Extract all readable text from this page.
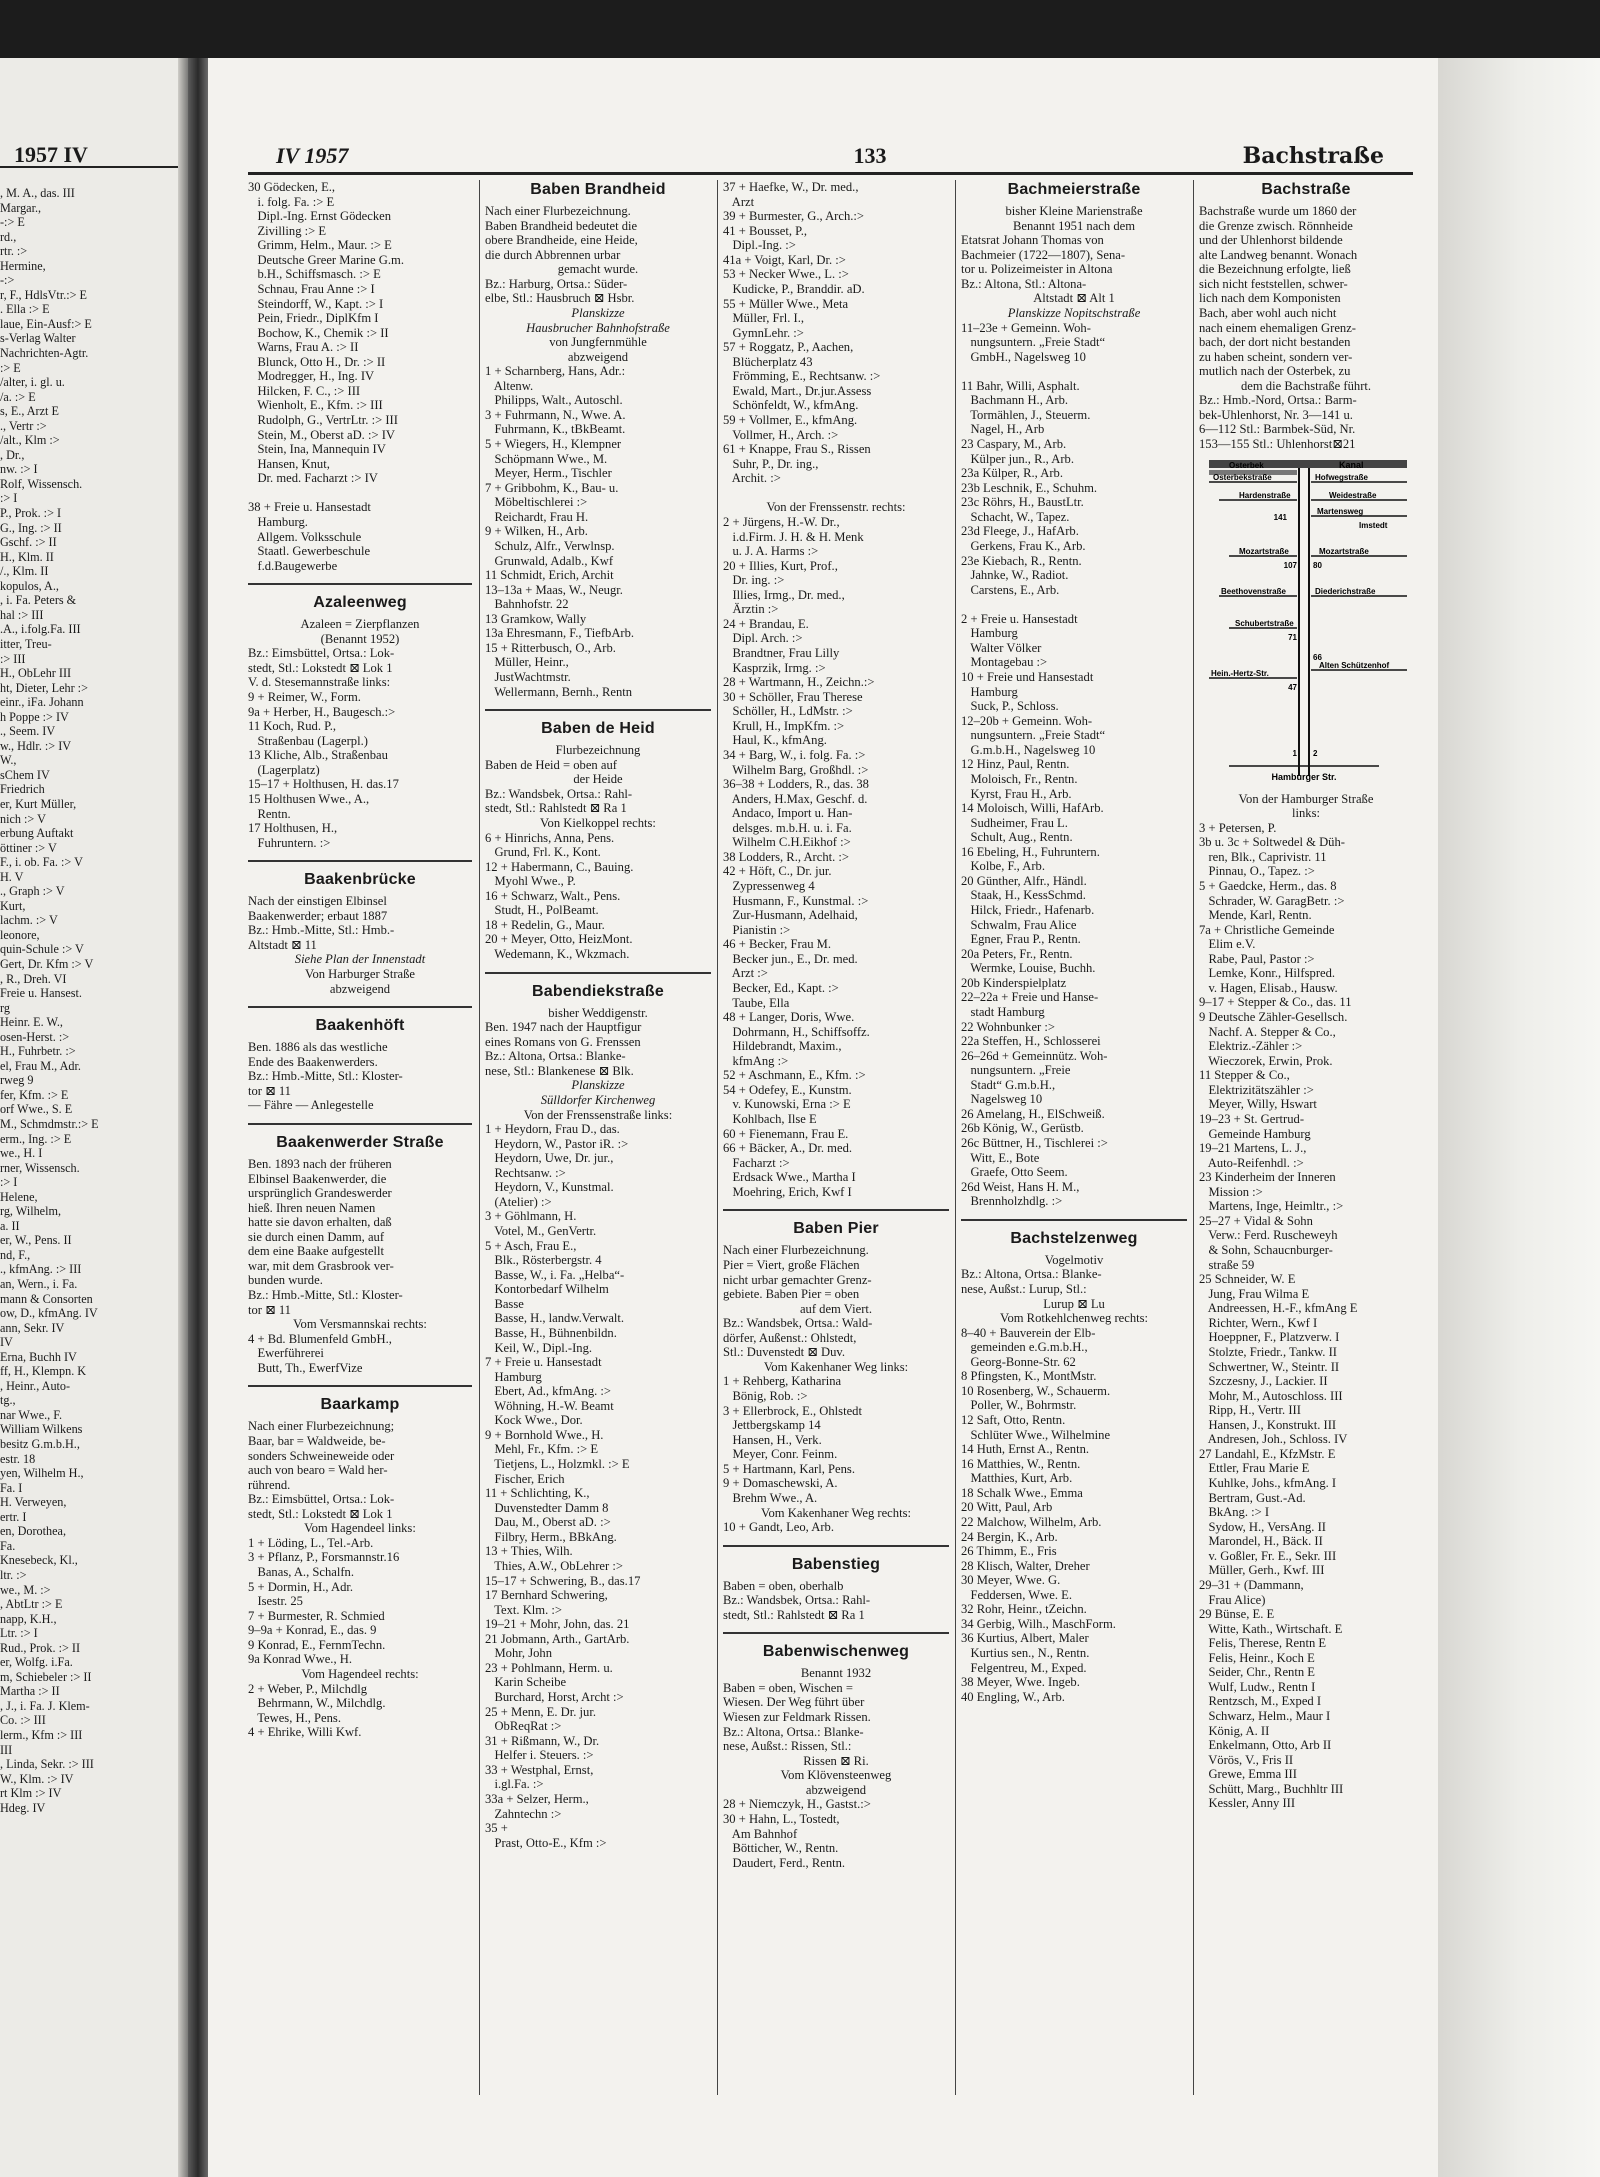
1957 IV
, M. A., das. III
Margar.,
-:> E
rd.,
rtr. :>
Hermine,
-:>
r, F., HdlsVtr.:> E
. Ella :> E
laue, Ein-Ausf:> E
s-Verlag Walter
Nachrichten-Agtr.
:> E
/alter, i. gl. u.
/a. :> E
s, E., Arzt E
., Vertr :>
/alt., Klm :>
, Dr.,
nw. :> I
Rolf, Wissensch.
:> I
P., Prok. :> I
G., Ing. :> II
Gschf. :> II
H., Klm. II
/., Klm. II
kopulos, A.,
, i. Fa. Peters &
hal :> III
.A., i.folg.Fa. III
itter, Treu-
:> III
H., ObLehr III
ht, Dieter, Lehr :>
einr., iFa. Johann
h Poppe :> IV
., Seem. IV
w., Hdlr. :> IV
W.,
sChem IV
Friedrich
er, Kurt Müller,
nich :> V
erbung Auftakt
öttiner :> V
F., i. ob. Fa. :> V
H. V
., Graph :> V
Kurt,
lachm. :> V
leonore,
quin-Schule :> V
Gert, Dr. Kfm :> V
, R., Dreh. VI
Freie u. Hansest.
rg
Heinr. E. W.,
osen-Herst. :>
H., Fuhrbetr. :>
el, Frau M., Adr.
rweg 9
fer, Kfm. :> E
orf Wwe., S. E
M., Schmdmstr.:> E
erm., Ing. :> E
we., H. I
rner, Wissensch.
:> I
Helene,
rg, Wilhelm,
a. II
er, W., Pens. II
nd, F.,
., kfmAng. :> III
an, Wern., i. Fa.
mann & Consorten
ow, D., kfmAng. IV
ann, Sekr. IV
IV
Erna, Buchh IV
ff, H., Klempn. K
, Heinr., Auto-
tg.,
nar Wwe., F.
William Wilkens
besitz G.m.b.H.,
estr. 18
yen, Wilhelm H.,
Fa. I
H. Verweyen,
ertr. I
en, Dorothea,
Fa.
Knesebeck, Kl.,
ltr. :>
we., M. :>
, AbtLtr :> E
napp, K.H.,
Ltr. :> I
Rud., Prok. :> II
er, Wolfg. i.Fa.
m, Schiebeler :> II
Martha :> II
, J., i. Fa. J. Klem-
Co. :> III
lerm., Kfm :> III
III
, Linda, Sekr. :> III
W., Klm. :> IV
rt Klm :> IV
Hdeg. IV
IV 1957	133	Bachstraße
30 Gödecken, E.,
i. folg. Fa. :> E
Dipl.-Ing. Ernst Gödecken
Zivilling :> E
Grimm, Helm., Maur. :> E
Deutsche Greer Marine G.m.
b.H., Schiffsmasch. :> E
Schnau, Frau Anne :> I
Steindorff, W., Kapt. :> I
Pein, Friedr., DiplKfm I
Bochow, K., Chemik :> II
Warns, Frau A. :> II
Blunck, Otto H., Dr. :> II
Modregger, H., Ing. IV
Hilcken, F. C., :> III
Wienholt, E., Kfm. :> III
Rudolph, G., VertrLtr. :> III
Stein, M., Oberst aD. :> IV
Stein, Ina, Mannequin IV
Hansen, Knut,
Dr. med. Facharzt :> IV

38 + Freie u. Hansestadt
Hamburg.
Allgem. Volksschule
Staatl. Gewerbeschule
f.d.Baugewerbe
Azaleenweg
Azaleen = Zierpflanzen
(Benannt 1952)
Bz.: Eimsbüttel, Ortsa.: Lok-
stedt, Stl.: Lokstedt ⊠ Lok 1
V. d. Stesemannstraße links:
9 + Reimer, W., Form.
9a + Herber, H., Baugesch.:>
11 Koch, Rud. P.,
Straßenbau (Lagerpl.)
13 Kliche, Alb., Straßenbau
(Lagerplatz)
15–17 + Holthusen, H. das.17
15 Holthusen Wwe., A.,
Rentn.
17 Holthusen, H.,
Fuhruntern. :>
Baakenbrücke
Nach der einstigen Elbinsel
Baakenwerder; erbaut 1887
Bz.: Hmb.-Mitte, Stl.: Hmb.-
Altstadt ⊠ 11
Siehe Plan der Innenstadt
Von Harburger Straße
abzweigend
Baakenhöft
Ben. 1886 als das westliche
Ende des Baakenwerders.
Bz.: Hmb.-Mitte, Stl.: Kloster-
tor ⊠ 11
— Fähre — Anlegestelle
Baakenwerder Straße
Ben. 1893 nach der früheren
Elbinsel Baakenwerder, die
ursprünglich Grandeswerder
hieß. Ihren neuen Namen
hatte sie davon erhalten, daß
sie durch einen Damm, auf
dem eine Baake aufgestellt
war, mit dem Grasbrook ver-
bunden wurde.
Bz.: Hmb.-Mitte, Stl.: Kloster-
tor ⊠ 11
Vom Versmannskai rechts:
4 + Bd. Blumenfeld GmbH.,
Ewerführerei
Butt, Th., EwerfVize
Baarkamp
Nach einer Flurbezeichnung;
Baar, bar = Waldweide, be-
sonders Schweineweide oder
auch von bearo = Wald her-
rührend.
Bz.: Eimsbüttel, Ortsa.: Lok-
stedt, Stl.: Lokstedt ⊠ Lok 1
Vom Hagendeel links:
1 + Löding, L., Tel.-Arb.
3 + Pflanz, P., Forsmannstr.16
Banas, A., Schalfn.
5 + Dormin, H., Adr.
Isestr. 25
7 + Burmester, R. Schmied
9–9a + Konrad, E., das. 9
9 Konrad, E., FernmTechn.
9a Konrad Wwe., H.
Vom Hagendeel rechts:
2 + Weber, P., Milchdlg
Behrmann, W., Milchdlg.
Tewes, H., Pens.
4 + Ehrike, Willi Kwf.
Baben Brandheid
Nach einer Flurbezeichnung.
Baben Brandheid bedeutet die
obere Brandheide, eine Heide,
die durch Abbrennen urbar
gemacht wurde.
Bz.: Harburg, Ortsa.: Süder-
elbe, Stl.: Hausbruch ⊠ Hsbr.
Planskizze
Hausbrucher Bahnhofstraße
von Jungfernmühle
abzweigend
1 + Scharnberg, Hans, Adr.:
Altenw.
Philipps, Walt., Autoschl.
3 + Fuhrmann, N., Wwe. A.
Fuhrmann, K., tBkBeamt.
5 + Wiegers, H., Klempner
Schöpmann Wwe., M.
Meyer, Herm., Tischler
7 + Gribbohm, K., Bau- u.
Möbeltischlerei :>
Reichardt, Frau H.
9 + Wilken, H., Arb.
Schulz, Alfr., Verwlnsp.
Grunwald, Adalb., Kwf
11 Schmidt, Erich, Archit
13–13a + Maas, W., Neugr.
Bahnhofstr. 22
13 Gramkow, Wally
13a Ehresmann, F., TiefbArb.
15 + Ritterbusch, O., Arb.
Müller, Heinr.,
JustWachtmstr.
Wellermann, Bernh., Rentn
Baben de Heid
Flurbezeichnung
Baben de Heid = oben auf
der Heide
Bz.: Wandsbek, Ortsa.: Rahl-
stedt, Stl.: Rahlstedt ⊠ Ra 1
Von Kielkoppel rechts:
6 + Hinrichs, Anna, Pens.
Grund, Frl. K., Kont.
12 + Habermann, C., Bauing.
Myohl Wwe., P.
16 + Schwarz, Walt., Pens.
Studt, H., PolBeamt.
18 + Redelin, G., Maur.
20 + Meyer, Otto, HeizMont.
Wedemann, K., Wkzmach.
Babendiekstraße
bisher Weddigenstr.
Ben. 1947 nach der Hauptfigur
eines Romans von G. Frenssen
Bz.: Altona, Ortsa.: Blanke-
nese, Stl.: Blankenese ⊠ Blk.
Planskizze
Sülldorfer Kirchenweg
Von der Frenssenstraße links:
1 + Heydorn, Frau D., das.
Heydorn, W., Pastor iR. :>
Heydorn, Uwe, Dr. jur.,
Rechtsanw. :>
Heydorn, V., Kunstmal.
(Atelier) :>
3 + Göhlmann, H.
Votel, M., GenVertr.
5 + Asch, Frau E.,
Blk., Rösterbergstr. 4
Basse, W., i. Fa. „Helba“-
Kontorbedarf Wilhelm
Basse
Basse, H., landw.Verwalt.
Basse, H., Bühnenbildn.
Keil, W., Dipl.-Ing.
7 + Freie u. Hansestadt
Hamburg
Ebert, Ad., kfmAng. :>
Wöhning, H.-W. Beamt
Kock Wwe., Dor.
9 + Bornhold Wwe., H.
Mehl, Fr., Kfm. :> E
Tietjens, L., Holzmkl. :> E
Fischer, Erich
11 + Schlichting, K.,
Duvenstedter Damm 8
Dau, M., Oberst aD. :>
Filbry, Herm., BBkAng.
13 + Thies, Wilh.
Thies, A.W., ObLehrer :>
15–17 + Schwering, B., das.17
17 Bernhard Schwering,
Text. Klm. :>
19–21 + Mohr, John, das. 21
21 Jobmann, Arth., GartArb.
Mohr, John
23 + Pohlmann, Herm. u.
Karin Scheibe
Burchard, Horst, Archt :>
25 + Menn, E. Dr. jur.
ObReqRat :>
31 + Rißmann, W., Dr.
Helfer i. Steuers. :>
33 + Westphal, Ernst,
i.gl.Fa. :>
33a + Selzer, Herm.,
Zahntechn :>
35 +
Prast, Otto-E., Kfm :>
37 + Haefke, W., Dr. med.,
Arzt
39 + Burmester, G., Arch.:>
41 + Bousset, P.,
Dipl.-Ing. :>
41a + Voigt, Karl, Dr. :>
53 + Necker Wwe., L. :>
Kudicke, P., Branddir. aD.
55 + Müller Wwe., Meta
Müller, Frl. I.,
GymnLehr. :>
57 + Roggatz, P., Aachen,
Blücherplatz 43
Frömming, E., Rechtsanw. :>
Ewald, Mart., Dr.jur.Assess
Schönfeldt, W., kfmAng.
59 + Vollmer, E., kfmAng.
Vollmer, H., Arch. :>
61 + Knappe, Frau S., Rissen
Suhr, P., Dr. ing.,
Archit. :>

Von der Frenssenstr. rechts:
2 + Jürgens, H.-W. Dr.,
i.d.Firm. J. H. & H. Menk
u. J. A. Harms :>
20 + Illies, Kurt, Prof.,
Dr. ing. :>
Illies, Irmg., Dr. med.,
Ärztin :>
24 + Brandau, E.
Dipl. Arch. :>
Brandtner, Frau Lilly
Kasprzik, Irmg. :>
28 + Wartmann, H., Zeichn.:>
30 + Schöller, Frau Therese
Schöller, H., LdMstr. :>
Krull, H., ImpKfm. :>
Haul, K., kfmAng.
34 + Barg, W., i. folg. Fa. :>
Wilhelm Barg, Großhdl. :>
36–38 + Lodders, R., das. 38
Anders, H.Max, Geschf. d.
Andaco, Import u. Han-
delsges. m.b.H. u. i. Fa.
Wilhelm C.H.Eikhof :>
38 Lodders, R., Archt. :>
42 + Höft, C., Dr. jur.
Zypressenweg 4
Husmann, F., Kunstmal. :>
Zur-Husmann, Adelhaid,
Pianistin :>
46 + Becker, Frau M.
Becker jun., E., Dr. med.
Arzt :>
Becker, Ed., Kapt. :>
Taube, Ella
48 + Langer, Doris, Wwe.
Dohrmann, H., Schiffsoffz.
Hildebrandt, Maxim.,
kfmAng :>
52 + Aschmann, E., Kfm. :>
54 + Odefey, E., Kunstm.
v. Kunowski, Erna :> E
Kohlbach, Ilse E
60 + Fienemann, Frau E.
66 + Bäcker, A., Dr. med.
Facharzt :>
Erdsack Wwe., Martha I
Moehring, Erich, Kwf I
Baben Pier
Nach einer Flurbezeichnung.
Pier = Viert, große Flächen
nicht urbar gemachter Grenz-
gebiete. Baben Pier = oben
auf dem Viert.
Bz.: Wandsbek, Ortsa.: Wald-
dörfer, Außenst.: Ohlstedt,
Stl.: Duvenstedt ⊠ Duv.
Vom Kakenhaner Weg links:
1 + Rehberg, Katharina
Bönig, Rob. :>
3 + Ellerbrock, E., Ohlstedt
Jettbergskamp 14
Hansen, H., Verk.
Meyer, Conr. Feinm.
5 + Hartmann, Karl, Pens.
9 + Domaschewski, A.
Brehm Wwe., A.
Vom Kakenhaner Weg rechts:
10 + Gandt, Leo, Arb.
Babenstieg
Baben = oben, oberhalb
Bz.: Wandsbek, Ortsa.: Rahl-
stedt, Stl.: Rahlstedt ⊠ Ra 1
Babenwischenweg
Benannt 1932
Baben = oben, Wischen =
Wiesen. Der Weg führt über
Wiesen zur Feldmark Rissen.
Bz.: Altona, Ortsa.: Blanke-
nese, Außst.: Rissen, Stl.:
Rissen ⊠ Ri.
Vom Klövensteenweg
abzweigend
28 + Niemczyk, H., Gastst.:>
30 + Hahn, L., Tostedt,
Am Bahnhof
Bötticher, W., Rentn.
Daudert, Ferd., Rentn.
Bachmeierstraße
bisher Kleine Marienstraße
Benannt 1951 nach dem
Etatsrat Johann Thomas von
Bachmeier (1722—1807), Sena-
tor u. Polizeimeister in Altona
Bz.: Altona, Stl.: Altona-
Altstadt ⊠ Alt 1
Planskizze Nopitschstraße
11–23e + Gemeinn. Woh-
nungsuntern. „Freie Stadt“
GmbH., Nagelsweg 10

11 Bahr, Willi, Asphalt.
Bachmann H., Arb.
Tormählen, J., Steuerm.
Nagel, H., Arb
23 Caspary, M., Arb.
Külper jun., R., Arb.
23a Külper, R., Arb.
23b Leschnik, E., Schuhm.
23c Röhrs, H., BaustLtr.
Schacht, W., Tapez.
23d Fleege, J., HafArb.
Gerkens, Frau K., Arb.
23e Kiebach, R., Rentn.
Jahnke, W., Radiot.
Carstens, E., Arb.

2 + Freie u. Hansestadt
Hamburg
Walter Völker
Montagebau :>
10 + Freie und Hansestadt
Hamburg
Suck, P., Schloss.
12–20b + Gemeinn. Woh-
nungsuntern. „Freie Stadt“
G.m.b.H., Nagelsweg 10
12 Hinz, Paul, Rentn.
Moloisch, Fr., Rentn.
Kyrst, Frau H., Arb.
14 Moloisch, Willi, HafArb.
Sudheimer, Frau L.
Schult, Aug., Rentn.
16 Ebeling, H., Fuhruntern.
Kolbe, F., Arb.
20 Günther, Alfr., Händl.
Staak, H., KessSchmd.
Hilck, Friedr., Hafenarb.
Schwalm, Frau Alice
Egner, Frau P., Rentn.
20a Peters, Fr., Rentn.
Wermke, Louise, Buchh.
20b Kinderspielplatz
22–22a + Freie und Hanse-
stadt Hamburg
22 Wohnbunker :>
22a Steffen, H., Schlosserei
26–26d + Gemeinnütz. Woh-
nungsuntern. „Freie
Stadt“ G.m.b.H.,
Nagelsweg 10
26 Amelang, H., ElSchweiß.
26b König, W., Gerüstb.
26c Büttner, H., Tischlerei :>
Witt, E., Bote
Graefe, Otto Seem.
26d Weist, Hans H. M.,
Brennholzhdlg. :>
Bachstelzenweg
Vogelmotiv
Bz.: Altona, Ortsa.: Blanke-
nese, Außst.: Lurup, Stl.:
Lurup ⊠ Lu
Vom Rotkehlchenweg rechts:
8–40 + Bauverein der Elb-
gemeinden e.G.m.b.H.,
Georg-Bonne-Str. 62
8 Pfingsten, K., MontMstr.
10 Rosenberg, W., Schauerm.
Poller, W., Bohrmstr.
12 Saft, Otto, Rentn.
Schlüter Wwe., Wilhelmine
14 Huth, Ernst A., Rentn.
16 Matthies, W., Rentn.
Matthies, Kurt, Arb.
18 Schalk Wwe., Emma
20 Witt, Paul, Arb
22 Malchow, Wilhelm, Arb.
24 Bergin, K., Arb.
26 Thimm, E., Fris
28 Klisch, Walter, Dreher
30 Meyer, Wwe. G.
Feddersen, Wwe. E.
32 Rohr, Heinr., tZeichn.
34 Gerbig, Wilh., MaschForm.
36 Kurtius, Albert, Maler
Kurtius sen., N., Rentn.
Felgentreu, M., Exped.
38 Meyer, Wwe. Ingeb.
40 Engling, W., Arb.
Bachstraße
Bachstraße wurde um 1860 der
die Grenze zwisch. Rönnheide
und der Uhlenhorst bildende
alte Landweg benannt. Wonach
die Bezeichnung erfolgte, ließ
sich nicht feststellen, schwer-
lich nach dem Komponisten
Bach, aber wohl auch nicht
nach einem ehemaligen Grenz-
bach, der dort nicht bestanden
zu haben scheint, sondern ver-
mutlich nach der Osterbek, zu
dem die Bachstraße führt.
Bz.: Hmb.-Nord, Ortsa.: Barm-
bek-Uhlenhorst, Nr. 3—141 u.
6—112 Stl.: Barmbek-Süd, Nr.
153—155 Stl.: Uhlenhorst⊠21
Osterbek	Kanal
Osterbekstraße	Hofwegstraße
Hardenstraße	Weidestraße
141
Martensweg
Imstedt
Mozartstraße	Mozartstraße
107 80
Beethovenstraße	Diederichstraße
Schubertstraße
71
66
Hein.-Hertz-Str.
Alten Schützenhof
47
1 2
Hamburger Str.
Von der Hamburger Straße
links:
3 + Petersen, P.
3b u. 3c + Soltwedel & Düh-
ren, Blk., Caprivistr. 11
Pinnau, O., Tapez. :>
5 + Gaedcke, Herm., das. 8
Schrader, W. GaragBetr. :>
Mende, Karl, Rentn.
7a + Christliche Gemeinde
Elim e.V.
Rabe, Paul, Pastor :>
Lemke, Konr., Hilfspred.
v. Hagen, Elisab., Hausw.
9–17 + Stepper & Co., das. 11
9 Deutsche Zähler-Gesellsch.
Nachf. A. Stepper & Co.,
Elektriz.-Zähler :>
Wieczorek, Erwin, Prok.
11 Stepper & Co.,
Elektrizitätszähler :>
Meyer, Willy, Hswart
19–23 + St. Gertrud-
Gemeinde Hamburg
19–21 Martens, L. J.,
Auto-Reifenhdl. :>
23 Kinderheim der Inneren
Mission :>
Martens, Inge, Heimltr., :>
25–27 + Vidal & Sohn
Verw.: Ferd. Ruscheweyh
& Sohn, Schaucnburger-
straße 59
25 Schneider, W. E
Jung, Frau Wilma E
Andreessen, H.-F., kfmAng E
Richter, Wern., Kwf I
Hoeppner, F., Platzverw. I
Stolzte, Friedr., Tankw. II
Schwertner, W., Steintr. II
Szczesny, J., Lackier. II
Mohr, M., Autoschloss. III
Ripp, H., Vertr. III
Hansen, J., Konstrukt. III
Andresen, Joh., Schloss. IV
27 Landahl, E., KfzMstr. E
Ettler, Frau Marie E
Kuhlke, Johs., kfmAng. I
Bertram, Gust.-Ad.
BkAng. :> I
Sydow, H., VersAng. II
Marondel, H., Bäck. II
v. Goßler, Fr. E., Sekr. III
Müller, Gerh., Kwf. III
29–31 + (Dammann,
Frau Alice)
29 Bünse, E. E
Witte, Kath., Wirtschaft. E
Felis, Therese, Rentn E
Felis, Heinr., Koch E
Seider, Chr., Rentn E
Wulf, Ludw., Rentn I
Rentzsch, M., Exped I
Schwarz, Helm., Maur I
König, A. II
Enkelmann, Otto, Arb II
Vörös, V., Fris II
Grewe, Emma III
Schütt, Marg., Buchhltr III
Kessler, Anny III
